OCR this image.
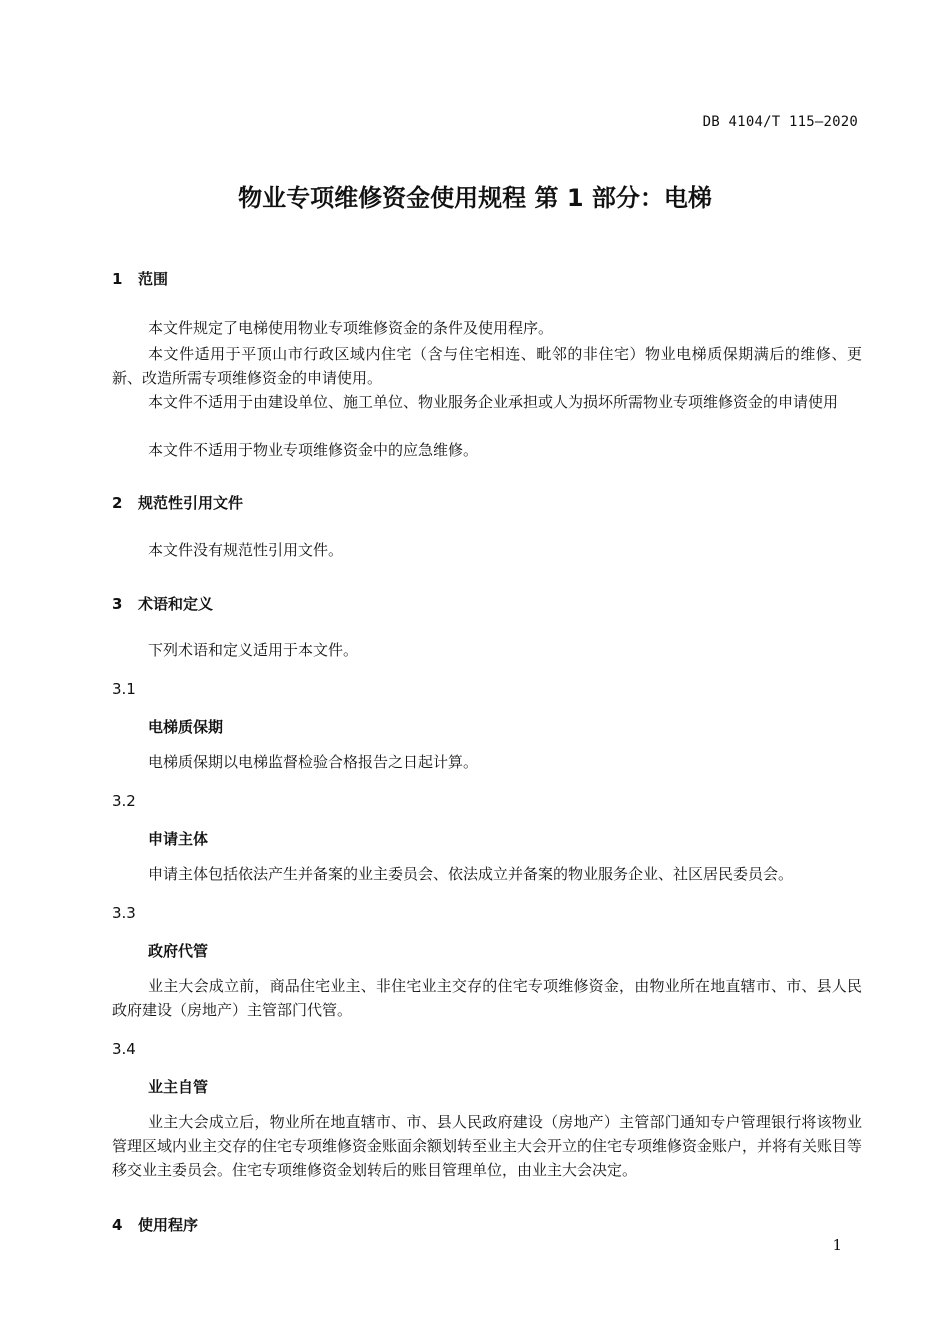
DB 4104/T 115—2020
物业专项维修资金使用规程 第 1 部分：电梯
1 范围

本文件规定了电梯使用物业专项维修资金的条件及使用程序。

本文件适用于平顶山市行政区域内住宅（含与住宅相连、毗邻的非住宅）物业电梯质保期满后的维修、更新、改造所需专项维修资金的申请使用。

本文件不适用于由建设单位、施工单位、物业服务企业承担或人为损坏所需物业专项维修资金的申请使用

本文件不适用于物业专项维修资金中的应急维修。

2 规范性引用文件

本文件没有规范性引用文件。

3 术语和定义

下列术语和定义适用于本文件。

3.1
电梯质保期

电梯质保期以电梯监督检验合格报告之日起计算。

3.2
申请主体

申请主体包括依法产生并备案的业主委员会、依法成立并备案的物业服务企业、社区居民委员会。

3.3
政府代管

业主大会成立前，商品住宅业主、非住宅业主交存的住宅专项维修资金，由物业所在地直辖市、市、县人民政府建设（房地产）主管部门代管。

3.4
业主自管

业主大会成立后，物业所在地直辖市、市、县人民政府建设（房地产）主管部门通知专户管理银行将该物业管理区域内业主交存的住宅专项维修资金账面余额划转至业主大会开立的住宅专项维修资金账户，并将有关账目等移交业主委员会。住宅专项维修资金划转后的账目管理单位，由业主大会决定。

4 使用程序
1
